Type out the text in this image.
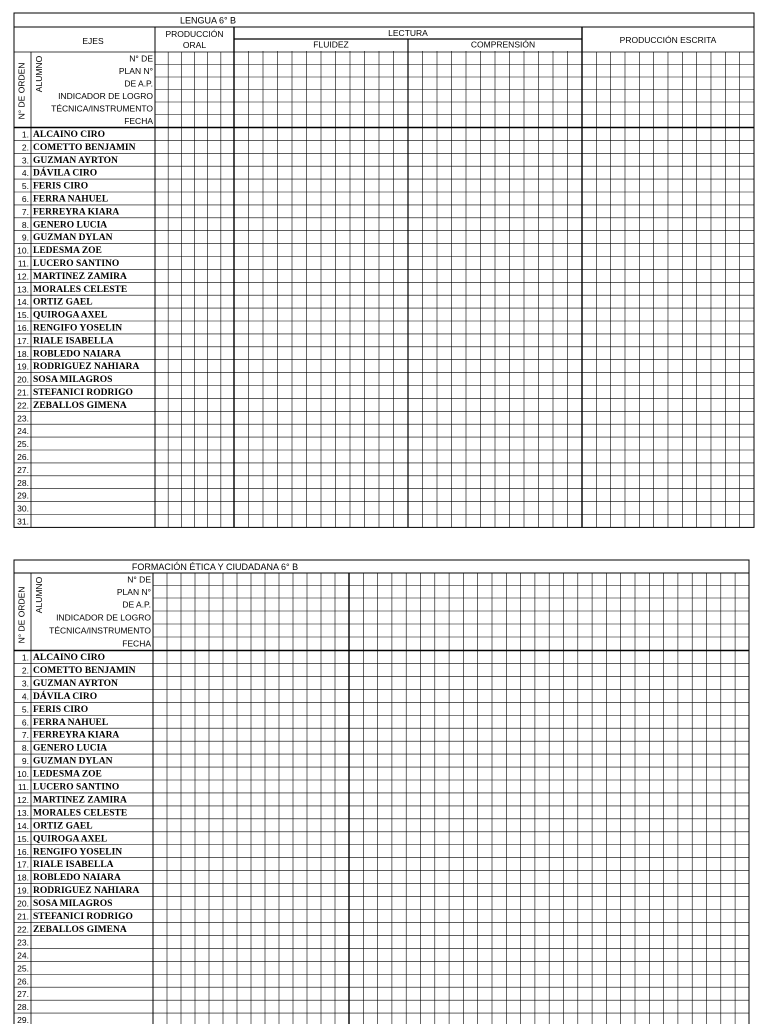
LENGUA 6° B
EJES
PRODUCCIÓN
ORAL
LECTURA
FLUIDEZ	COMPRENSIÓN	PRODUCCIÓN ESCRITA
N° DE
PLAN N°
DE A.P.
INDICADOR DE LOGRO
TÉCNICA/INSTRUMENTO
FECHA
N° DE ORDEN ALUMNO
1. ALCAINO CIRO
2. COMETTO BENJAMIN
3. GUZMAN AYRTON
4. DÁVILA CIRO
5. FERIS CIRO
6. FERRA NAHUEL
7. FERREYRA KIARA
8. GENERO LUCIA
9. GUZMAN DYLAN
10. LEDESMA ZOE
11. LUCERO SANTINO
12. MARTINEZ ZAMIRA
13. MORALES CELESTE
14. ORTIZ GAEL
15. QUIROGA AXEL
16. RENGIFO YOSELIN
17. RIALE ISABELLA
18. ROBLEDO NAIARA
19. RODRIGUEZ NAHIARA
20. SOSA MILAGROS
21. STEFANICI RODRIGO
22. ZEBALLOS GIMENA
23.
24.
25.
26.
27.
28.
29.
30.
31.
FORMACIÓN ÉTICA Y CIUDADANA 6° B
N° DE
PLAN N°
DE A.P.
INDICADOR DE LOGRO
TÉCNICA/INSTRUMENTO
FECHA
N° DE ORDEN ALUMNO
1. ALCAINO CIRO
2. COMETTO BENJAMIN
3. GUZMAN AYRTON
4. DÁVILA CIRO
5. FERIS CIRO
6. FERRA NAHUEL
7. FERREYRA KIARA
8. GENERO LUCIA
9. GUZMAN DYLAN
10. LEDESMA ZOE
11. LUCERO SANTINO
12. MARTINEZ ZAMIRA
13. MORALES CELESTE
14. ORTIZ GAEL
15. QUIROGA AXEL
16. RENGIFO YOSELIN
17. RIALE ISABELLA
18. ROBLEDO NAIARA
19. RODRIGUEZ NAHIARA
20. SOSA MILAGROS
21. STEFANICI RODRIGO
22. ZEBALLOS GIMENA
23.
24.
25.
26.
27.
28.
29.
